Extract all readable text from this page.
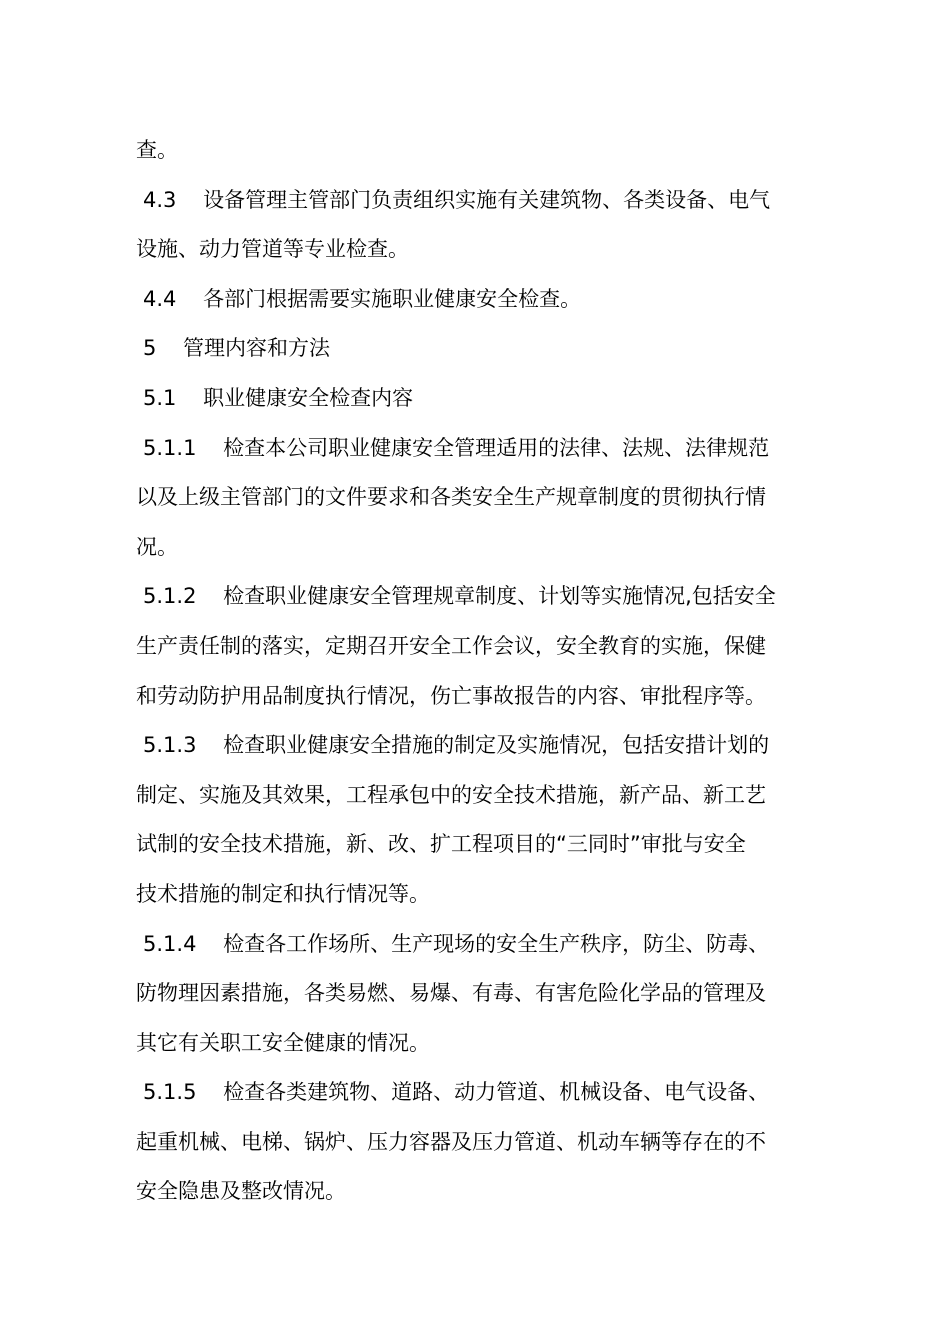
查。
4.3    设备管理主管部门负责组织实施有关建筑物、各类设备、电气
设施、动力管道等专业检查。
4.4    各部门根据需要实施职业健康安全检查。
5    管理内容和方法
5.1    职业健康安全检查内容
5.1.1    检查本公司职业健康安全管理适用的法律、法规、法律规范
以及上级主管部门的文件要求和各类安全生产规章制度的贯彻执行情
况。
5.1.2    检查职业健康安全管理规章制度、计划等实施情况,包括安全
生产责任制的落实，定期召开安全工作会议，安全教育的实施，保健
和劳动防护用品制度执行情况，伤亡事故报告的内容、审批程序等。
5.1.3    检查职业健康安全措施的制定及实施情况，包括安措计划的
制定、实施及其效果，工程承包中的安全技术措施，新产品、新工艺
试制的安全技术措施，新、改、扩工程项目的“三同时”审批与安全
技术措施的制定和执行情况等。
5.1.4    检查各工作场所、生产现场的安全生产秩序，防尘、防毒、
防物理因素措施，各类易燃、易爆、有毒、有害危险化学品的管理及
其它有关职工安全健康的情况。
5.1.5    检查各类建筑物、道路、动力管道、机械设备、电气设备、
起重机械、电梯、锅炉、压力容器及压力管道、机动车辆等存在的不
安全隐患及整改情况。
